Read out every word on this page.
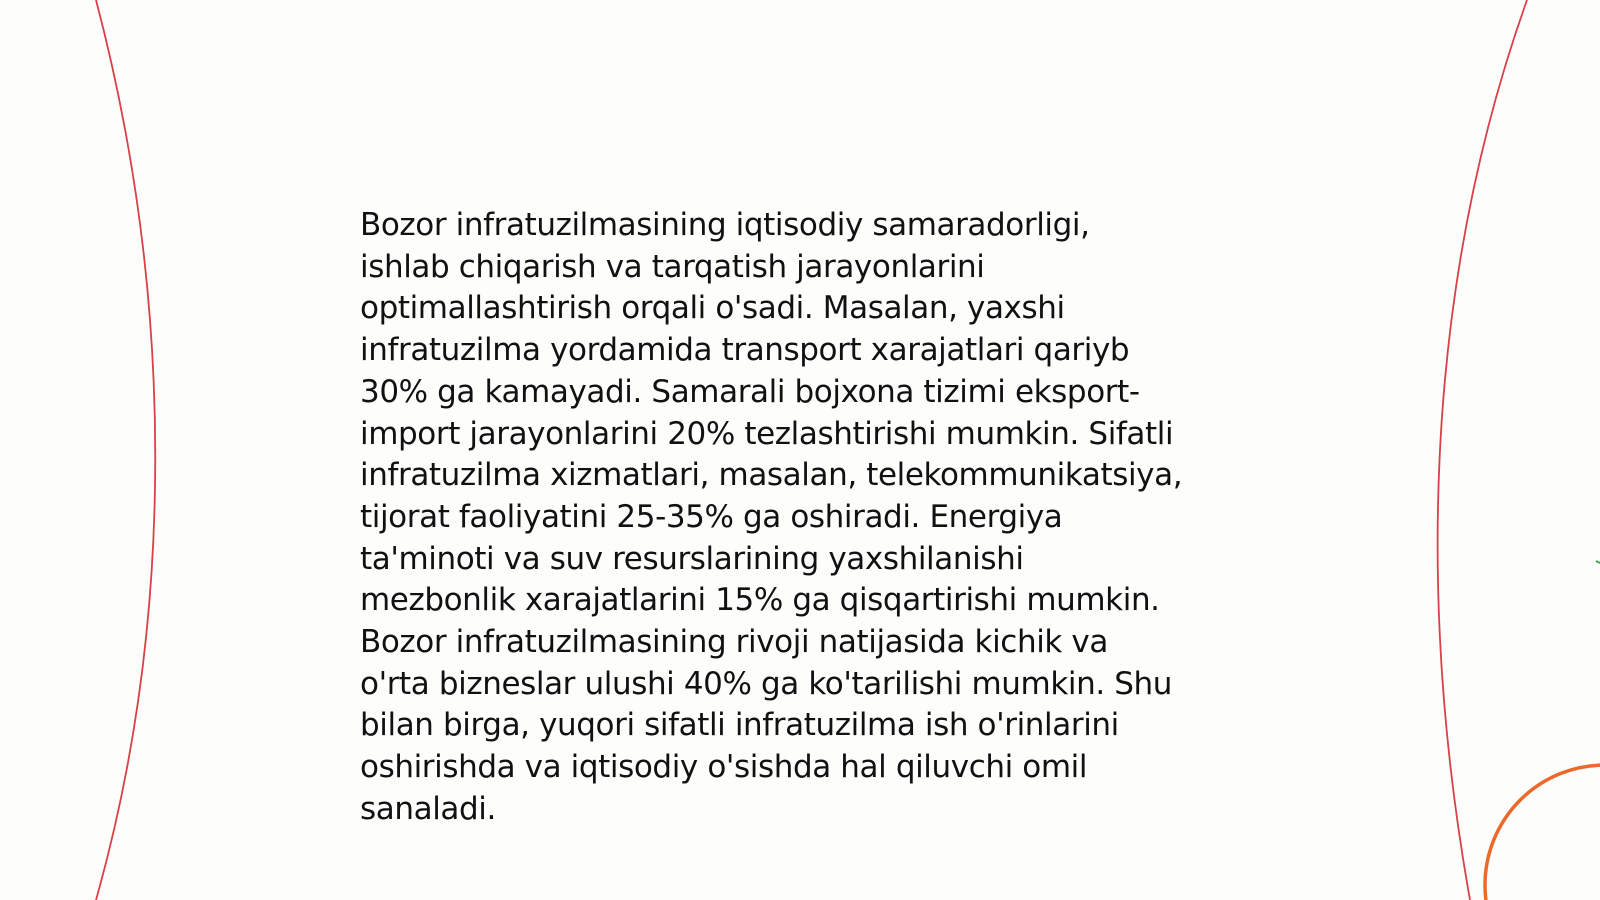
Bozor infratuzilmasining iqtisodiy samaradorligi,
ishlab chiqarish va tarqatish jarayonlarini
optimallashtirish orqali o'sadi. Masalan, yaxshi
infratuzilma yordamida transport xarajatlari qariyb
30% ga kamayadi. Samarali bojxona tizimi eksport-
import jarayonlarini 20% tezlashtirishi mumkin. Sifatli
infratuzilma xizmatlari, masalan, telekommunikatsiya,
tijorat faoliyatini 25-35% ga oshiradi. Energiya
ta'minoti va suv resurslarining yaxshilanishi
mezbonlik xarajatlarini 15% ga qisqartirishi mumkin.
Bozor infratuzilmasining rivoji natijasida kichik va
o'rta bizneslar ulushi 40% ga ko'tarilishi mumkin. Shu
bilan birga, yuqori sifatli infratuzilma ish o'rinlarini
oshirishda va iqtisodiy o'sishda hal qiluvchi omil
sanaladi.
